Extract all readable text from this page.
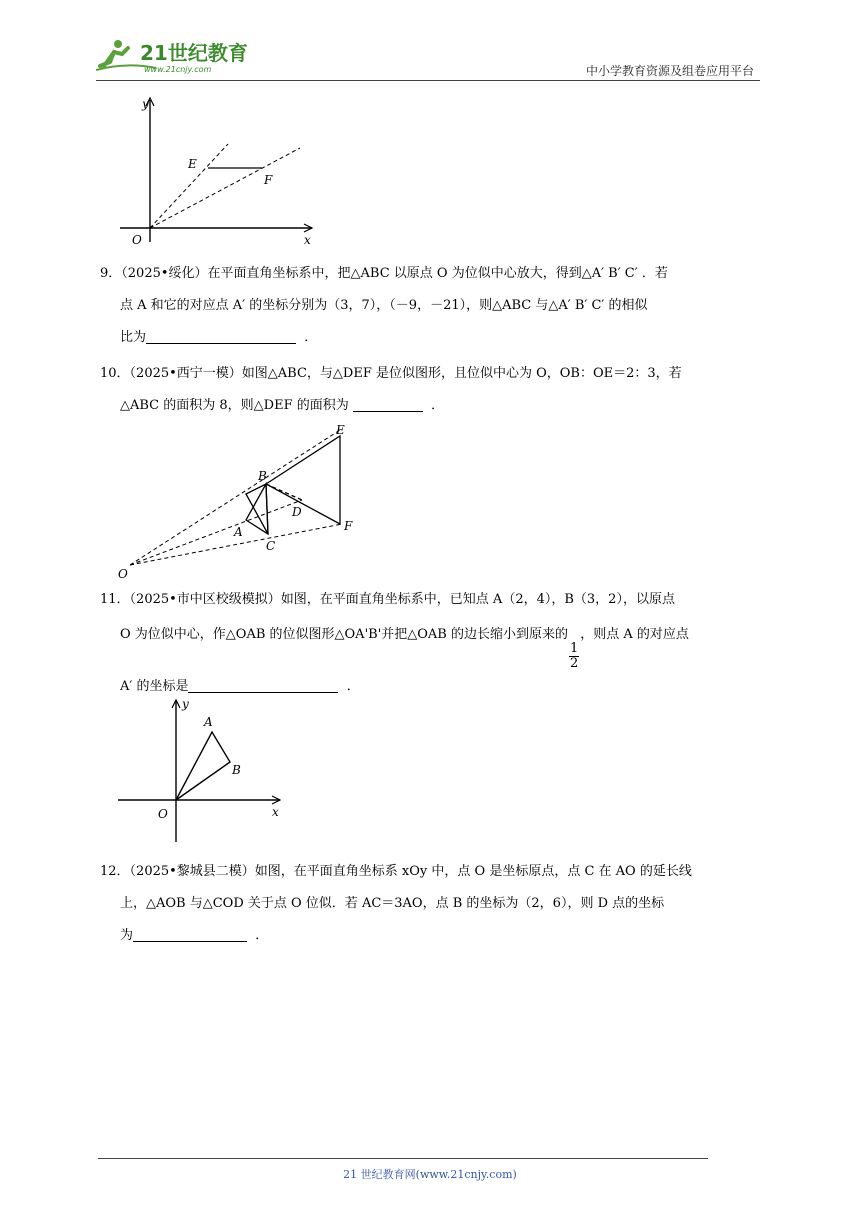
21世纪教育
www.21cnjy.com	中小学教育资源及组卷应用平台
y
E
F
O	x
9．（2025•绥化）在平面直角坐标系中，把△ABC 以原点 O 为位似中心放大，得到△A′ B′ C′ ．若
点 A 和它的对应点 A′ 的坐标分别为（3，7），（－9，－21），则△ABC 与△A′ B′ C′ 的相似
比为	．
10．（2025•西宁一模）如图△ABC，与△DEF 是位似图形，且位似中心为 O，OB：OE＝2：3，若
△ABC 的面积为 8，则△DEF 的面积为	．
E
B
D
A
C
F
O
11．（2025•市中区校级模拟）如图，在平面直角坐标系中，已知点 A（2，4），B（3，2），以原点
O 为位似中心，作△OAB 的位似图形△OA'B'并把△OAB 的边长缩小到原来的
$\frac{1}{2}$
，则点 A 的对应点
A′ 的坐标是	．
y
A
B
O	x
12．（2025•黎城县二模）如图，在平面直角坐标系 xOy 中，点 O 是坐标原点，点 C 在 AO 的延长线
上，△AOB 与△COD 关于点 O 位似．若 AC＝3AO，点 B 的坐标为（2，6），则 D 点的坐标
为	．
21 世纪教育网(www.21cnjy.com)
